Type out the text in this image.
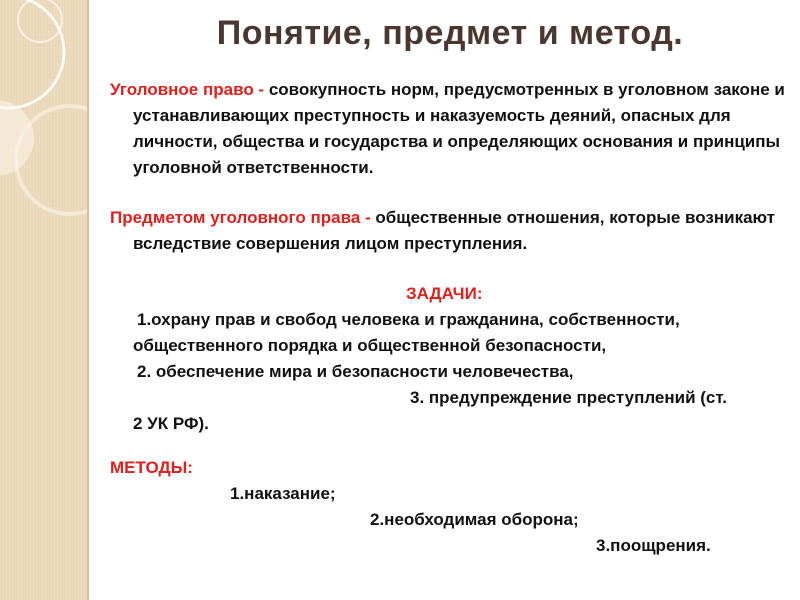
Понятие, предмет и метод.

Уголовное право - совокупность норм, предусмотренных в уголовном законе и устанавливающих преступность и наказуемость деяний, опасных для личности, общества и государства и определяющих основания и принципы уголовной ответственности.

Предметом уголовного права - общественные отношения, которые возникают вследствие совершения лицом преступления.

ЗАДАЧИ:

1.охрану прав и свобод человека и гражданина, собственности, общественного порядка и общественной безопасности,

2. обеспечение мира и безопасности человечества,

3. предупреждение преступлений (ст.

2 УК РФ).

МЕТОДЫ:

1.наказание;

2.необходимая оборона;

3.поощрения.
